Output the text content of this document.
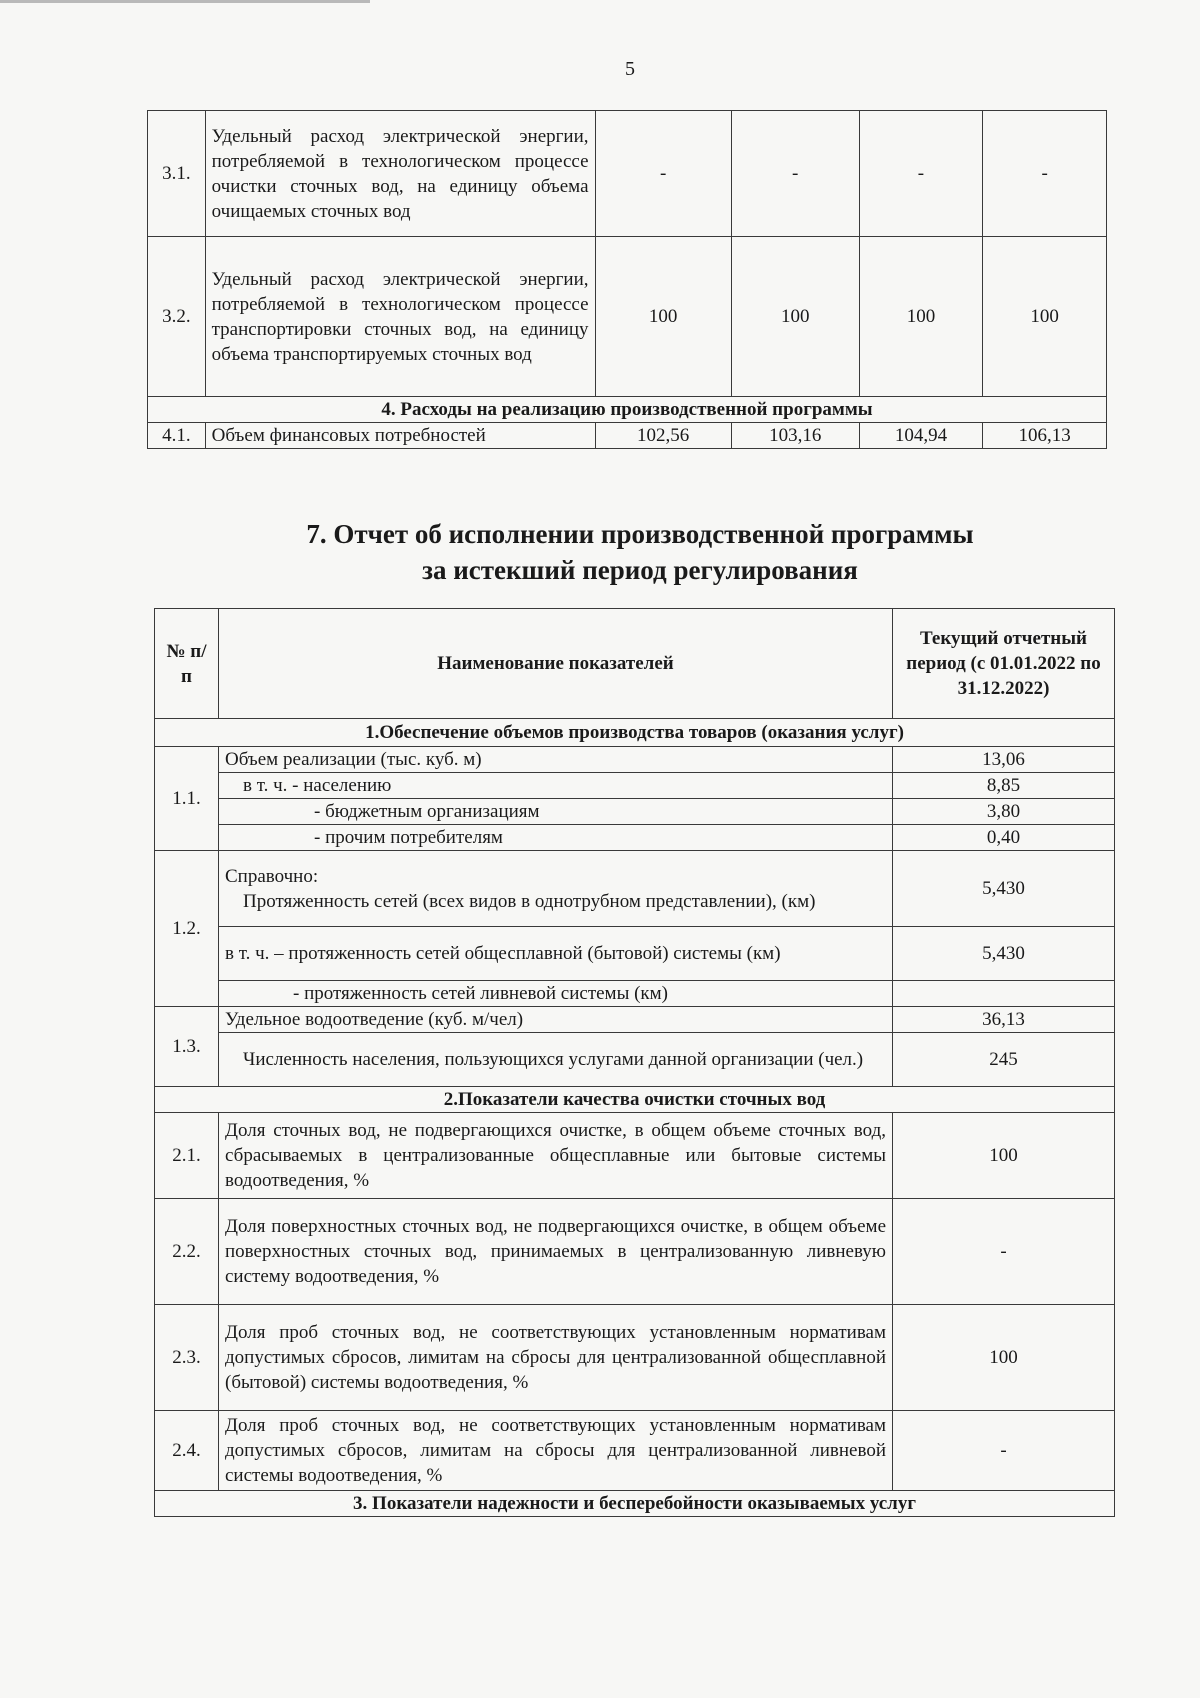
5
3.1.	Удельный расход электрической энергии, потребляемой в технологическом процессе очистки сточных вод, на единицу объема очищаемых сточных вод	-	-	-	-
3.2.	Удельный расход электрической энергии, потребляемой в технологическом процессе транспортировки сточных вод, на единицу объема транспортируемых сточных вод	100	100	100	100
4. Расходы на реализацию производственной программы					
4.1.	Объем финансовых потребностей	102,56	103,16	104,94	106,13
7. Отчет об исполнении производственной программы
за истекший период регулирования
№ п/п	Наименование показателей	Текущий отчетный период (с 01.01.2022 по 31.12.2022)
1.Обеспечение объемов производства товаров (оказания услуг)		
1.1.	Объем реализации (тыс. куб. м)	13,06
	в т. ч. - населению	8,85
	- бюджетным организациям	3,80
	- прочим потребителям	0,40
1.2.	Справочно:
Протяженность сетей (всех видов в однотрубном представлении), (км)	5,430
	в т. ч. – протяженность сетей общесплавной (бытовой) системы (км)	5,430
	- протяженность сетей ливневой системы (км)	
1.3.	Удельное водоотведение (куб. м/чел)	36,13
	Численность населения, пользующихся услугами данной организации (чел.)	245
2.Показатели качества очистки сточных вод		
2.1.	Доля сточных вод, не подвергающихся очистке, в общем объеме сточных вод, сбрасываемых в централизованные общесплавные или бытовые системы водоотведения, %	100
2.2.	Доля поверхностных сточных вод, не подвергающихся очистке, в общем объеме поверхностных сточных вод, принимаемых в централизованную ливневую систему водоотведения, %	-
2.3.	Доля проб сточных вод, не соответствующих установленным нормативам допустимых сбросов, лимитам на сбросы для централизованной общесплавной (бытовой) системы водоотведения, %	100
2.4.	Доля проб сточных вод, не соответствующих установленным нормативам допустимых сбросов, лимитам на сбросы для централизованной ливневой системы водоотведения, %	-
3. Показатели надежности и бесперебойности оказываемых услуг		
